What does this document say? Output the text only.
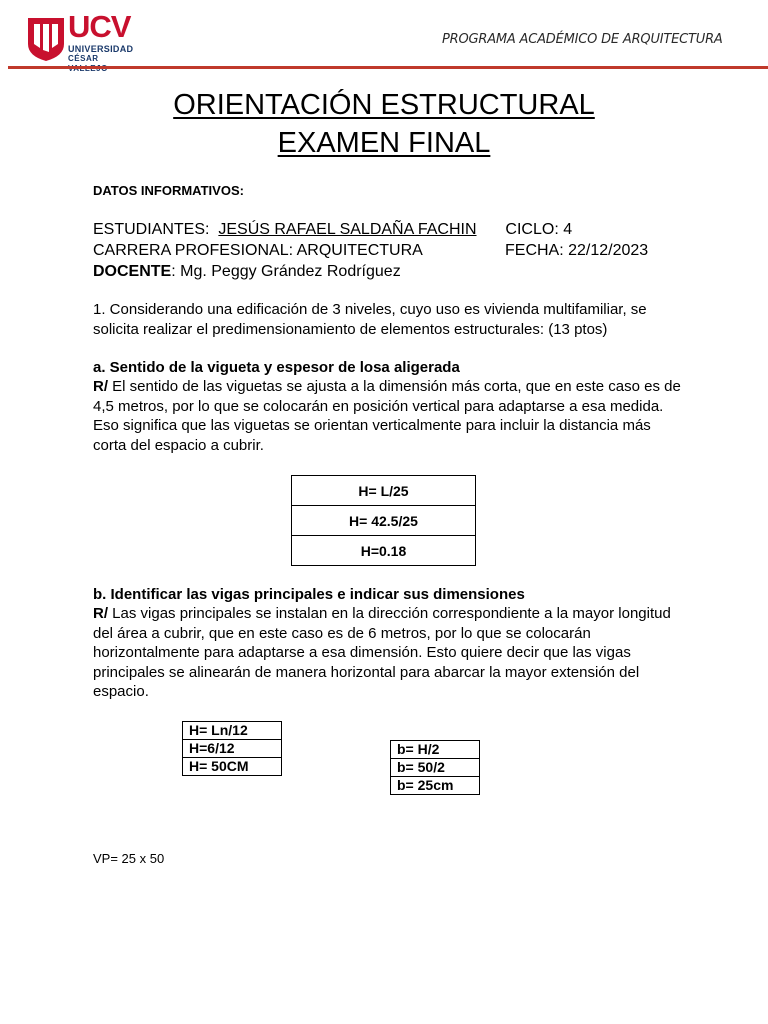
UCV
UNIVERSIDAD
CÉSAR
PROGRAMA ACADÉMICO DE ARQUITECTURA
ORIENTACIÓN ESTRUCTURAL
EXAMEN FINAL
DATOS INFORMATIVOS:
ESTUDIANTES: JESÚS RAFAEL SALDAÑA FACHIN CICLO: 4
CARRERA PROFESIONAL: ARQUITECTURA	FECHA: 22/12/2023
DOCENTE: Mg. Peggy Grández Rodríguez
1. Considerando una edificación de 3 niveles, cuyo uso es vivienda multifamiliar, se solicita realizar el predimensionamiento de elementos estructurales: (13 ptos)
a. Sentido de la vigueta y espesor de losa aligerada
R/ El sentido de las viguetas se ajusta a la dimensión más corta, que en este caso es de 4,5 metros, por lo que se colocarán en posición vertical para adaptarse a esa medida. Eso significa que las viguetas se orientan verticalmente para incluir la distancia más corta del espacio a cubrir.
H= L/25
H= 42.5/25
H=0.18
b. Identificar las vigas principales e indicar sus dimensiones
R/ Las vigas principales se instalan en la dirección correspondiente a la mayor longitud del área a cubrir, que en este caso es de 6 metros, por lo que se colocarán horizontalmente para adaptarse a esa dimensión. Esto quiere decir que las vigas principales se alinearán de manera horizontal para abarcar la mayor extensión del espacio.
H= Ln/12
H=6/12
H= 50CM
b= H/2
b= 50/2
b= 25cm
VP= 25 x 50
